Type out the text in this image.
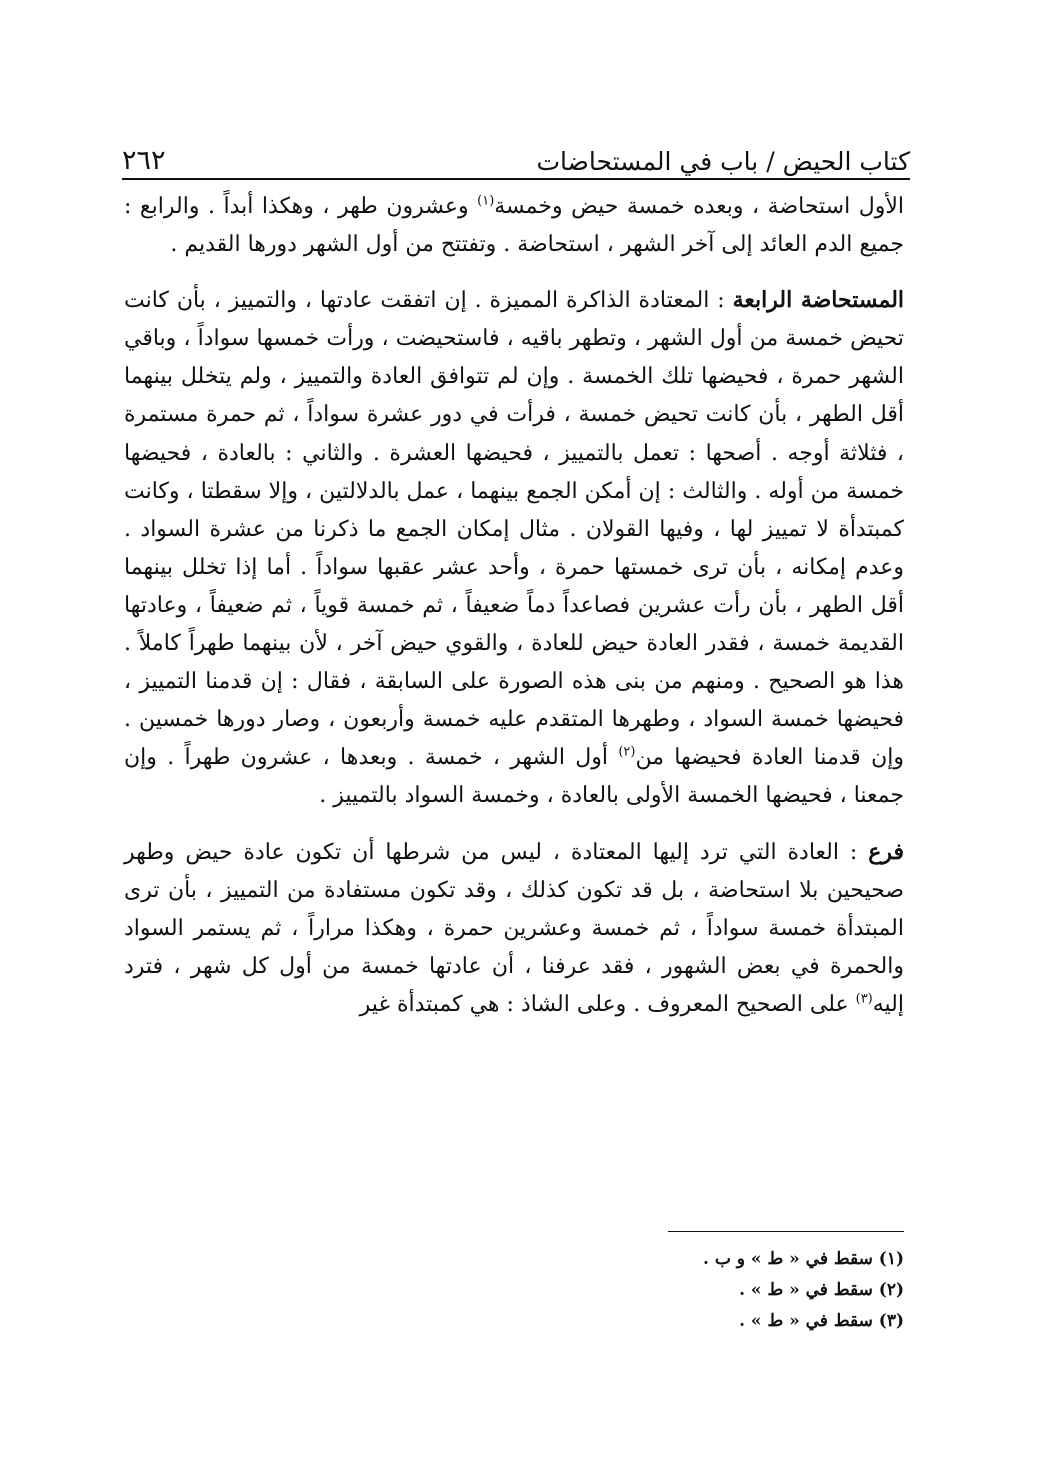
كتاب الحيض / باب في المستحاضات
٢٦٢

الأول استحاضة ، وبعده خمسة حيض وخمسة$^{(١)}$ وعشرون طهر ، وهكذا أبداً . والرابع : جميع الدم العائد إلى آخر الشهر ، استحاضة . وتفتتح من أول الشهر دورها القديم .

المستحاضة الرابعة : المعتادة الذاكرة المميزة . إن اتفقت عادتها ، والتمييز ، بأن كانت تحيض خمسة من أول الشهر ، وتطهر باقيه ، فاستحيضت ، ورأت خمسها سواداً ، وباقي الشهر حمرة ، فحيضها تلك الخمسة . وإن لم تتوافق العادة والتمييز ، ولم يتخلل بينهما أقل الطهر ، بأن كانت تحيض خمسة ، فرأت في دور عشرة سواداً ، ثم حمرة مستمرة ، فثلاثة أوجه . أصحها : تعمل بالتمييز ، فحيضها العشرة . والثاني : بالعادة ، فحيضها خمسة من أوله . والثالث : إن أمكن الجمع بينهما ، عمل بالدلالتين ، وإلا سقطتا ، وكانت كمبتدأة لا تمييز لها ، وفيها القولان . مثال إمكان الجمع ما ذكرنا من عشرة السواد . وعدم إمكانه ، بأن ترى خمستها حمرة ، وأحد عشر عقبها سواداً . أما إذا تخلل بينهما أقل الطهر ، بأن رأت عشرين فصاعداً دماً ضعيفاً ، ثم خمسة قوياً ، ثم ضعيفاً ، وعادتها القديمة خمسة ، فقدر العادة حيض للعادة ، والقوي حيض آخر ، لأن بينهما طهراً كاملاً . هذا هو الصحيح . ومنهم من بنى هذه الصورة على السابقة ، فقال : إن قدمنا التمييز ، فحيضها خمسة السواد ، وطهرها المتقدم عليه خمسة وأربعون ، وصار دورها خمسين . وإن قدمنا العادة فحيضها من$^{(٢)}$ أول الشهر ، خمسة . وبعدها ، عشرون طهراً . وإن جمعنا ، فحيضها الخمسة الأولى بالعادة ، وخمسة السواد بالتمييز .

فرع : العادة التي ترد إليها المعتادة ، ليس من شرطها أن تكون عادة حيض وطهر صحيحين بلا استحاضة ، بل قد تكون كذلك ، وقد تكون مستفادة من التمييز ، بأن ترى المبتدأة خمسة سواداً ، ثم خمسة وعشرين حمرة ، وهكذا مراراً ، ثم يستمر السواد والحمرة في بعض الشهور ، فقد عرفنا ، أن عادتها خمسة من أول كل شهر ، فترد إليه$^{(٣)}$ على الصحيح المعروف . وعلى الشاذ : هي كمبتدأة غير

(١) سقط في « ط » و ب .
(٢) سقط في « ط » .
(٣) سقط في « ط » .
